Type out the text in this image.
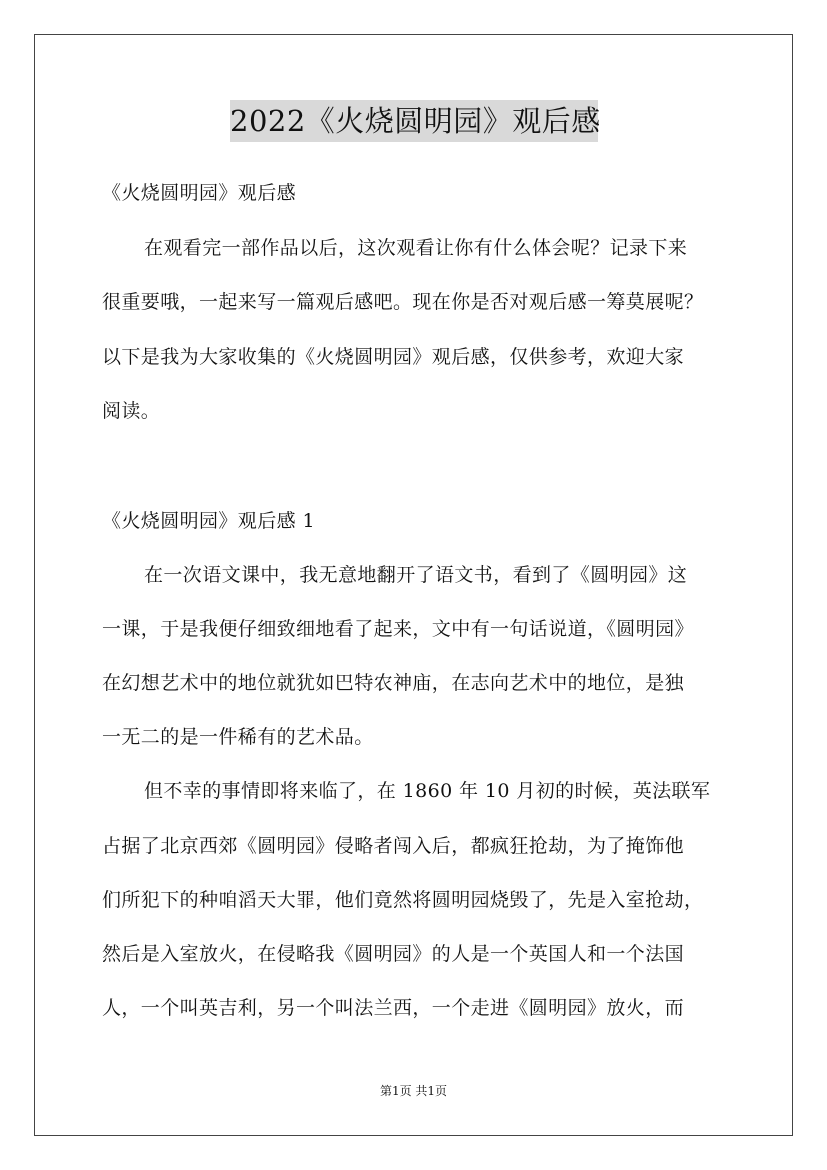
2022《火烧圆明园》观后感
《火烧圆明园》观后感
在观看完一部作品以后，这次观看让你有什么体会呢？记录下来
很重要哦，一起来写一篇观后感吧。现在你是否对观后感一筹莫展呢？
以下是我为大家收集的《火烧圆明园》观后感，仅供参考，欢迎大家
阅读。
《火烧圆明园》观后感 1
在一次语文课中，我无意地翻开了语文书，看到了《圆明园》这
一课，于是我便仔细致细地看了起来，文中有一句话说道，《圆明园》
在幻想艺术中的地位就犹如巴特农神庙，在志向艺术中的地位，是独
一无二的是一件稀有的艺术品。
但不幸的事情即将来临了，在 1860 年 10 月初的时候，英法联军
占据了北京西郊《圆明园》侵略者闯入后，都疯狂抢劫，为了掩饰他
们所犯下的种咱滔天大罪，他们竟然将圆明园烧毁了，先是入室抢劫，
然后是入室放火，在侵略我《圆明园》的人是一个英国人和一个法国
人，一个叫英吉利，另一个叫法兰西，一个走进《圆明园》放火，而
第1页 共1页
